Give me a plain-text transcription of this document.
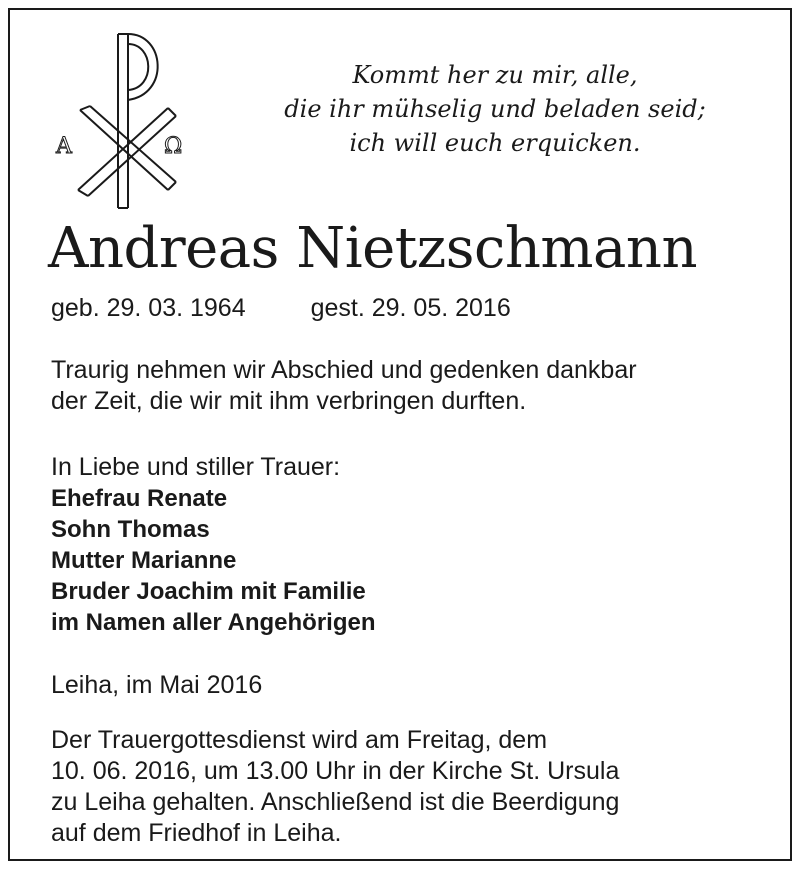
A	Ω
Kommt her zu mir, alle,
die ihr mühselig und beladen seid;
ich will euch erquicken.
Andreas Nietzschmann
geb. 29. 03. 1964	gest. 29. 05. 2016
Traurig nehmen wir Abschied und gedenken dankbar
der Zeit, die wir mit ihm verbringen durften.
In Liebe und stiller Trauer:
Ehefrau Renate
Sohn Thomas
Mutter Marianne
Bruder Joachim mit Familie
im Namen aller Angehörigen
Leiha, im Mai 2016
Der Trauergottesdienst wird am Freitag, dem
10. 06. 2016, um 13.00 Uhr in der Kirche St. Ursula
zu Leiha gehalten. Anschließend ist die Beerdigung
auf dem Friedhof in Leiha.
